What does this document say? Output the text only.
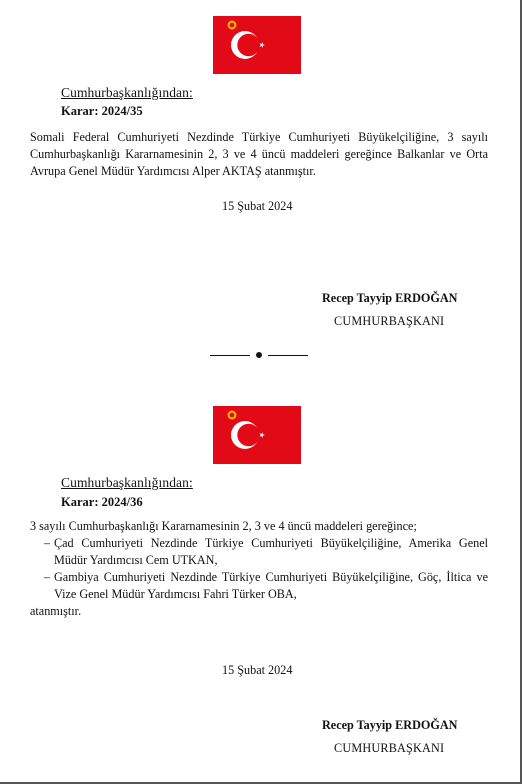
Cumhurbaşkanlığından:
Karar: 2024/35
Somali Federal Cumhuriyeti Nezdinde Türkiye Cumhuriyeti Büyükelçiliğine, 3 sayılı Cumhurbaşkanlığı Kararnamesinin 2, 3 ve 4 üncü maddeleri gereğince Balkanlar ve Orta Avrupa Genel Müdür Yardımcısı Alper AKTAŞ atanmıştır.
15 Şubat 2024
Recep Tayyip ERDOĞAN
CUMHURBAŞKANI
Cumhurbaşkanlığından:
Karar: 2024/36
3 sayılı Cumhurbaşkanlığı Kararnamesinin 2, 3 ve 4 üncü maddeleri gereğince;
– Çad Cumhuriyeti Nezdinde Türkiye Cumhuriyeti Büyükelçiliğine, Amerika Genel Müdür Yardımcısı Cem UTKAN,
– Gambiya Cumhuriyeti Nezdinde Türkiye Cumhuriyeti Büyükelçiliğine, Göç, İltica ve Vize Genel Müdür Yardımcısı Fahri Türker OBA,
atanmıştır.
15 Şubat 2024
Recep Tayyip ERDOĞAN
CUMHURBAŞKANI
